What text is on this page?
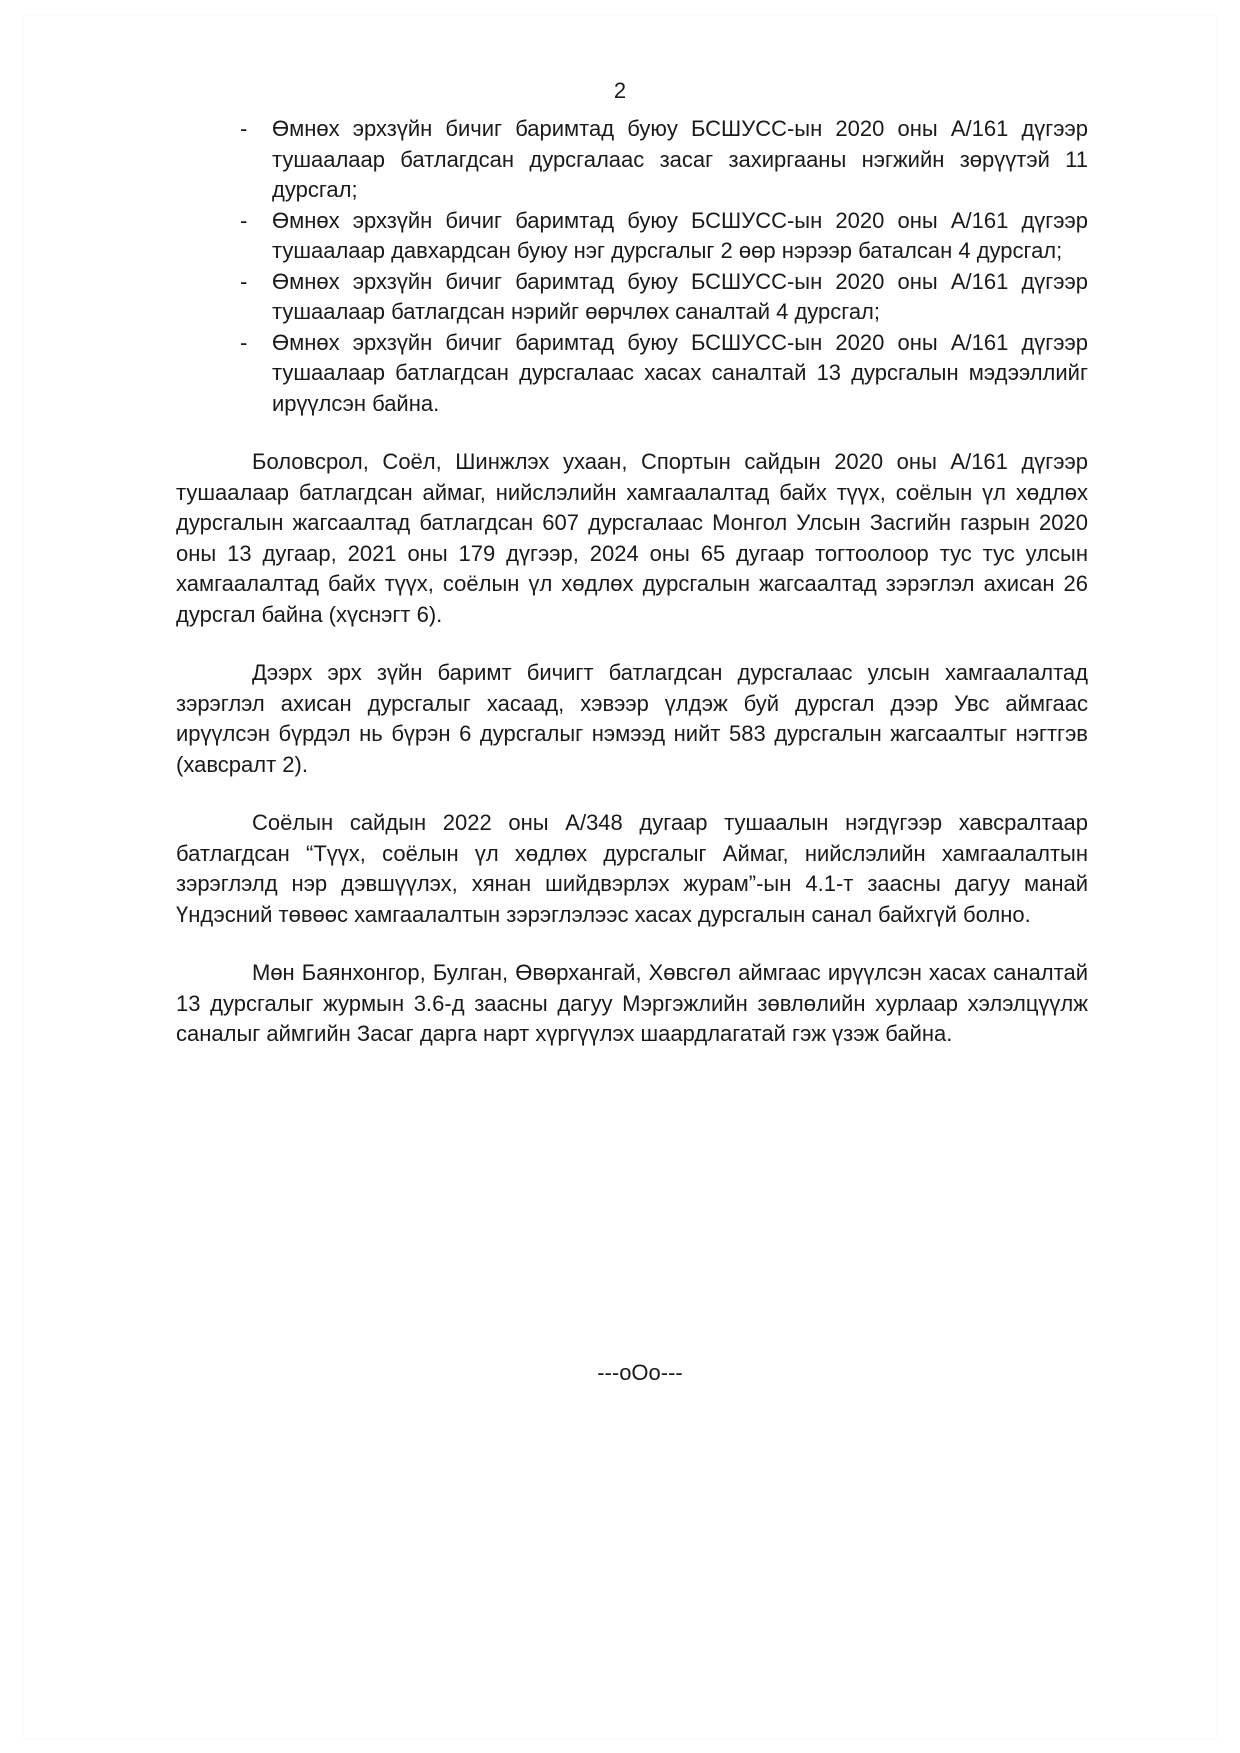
2
- Өмнөх эрхзүйн бичиг баримтад буюу БСШУСС-ын 2020 оны А/161 дүгээр тушаалаар батлагдсан дурсгалаас засаг захиргааны нэгжийн зөрүүтэй 11 дурсгал;
- Өмнөх эрхзүйн бичиг баримтад буюу БСШУСС-ын 2020 оны А/161 дүгээр тушаалаар давхардсан буюу нэг дурсгалыг 2 өөр нэрээр баталсан 4 дурсгал;
- Өмнөх эрхзүйн бичиг баримтад буюу БСШУСС-ын 2020 оны А/161 дүгээр тушаалаар батлагдсан нэрийг өөрчлөх саналтай 4 дурсгал;
- Өмнөх эрхзүйн бичиг баримтад буюу БСШУСС-ын 2020 оны А/161 дүгээр тушаалаар батлагдсан дурсгалаас хасах саналтай 13 дурсгалын мэдээллийг ирүүлсэн байна.

Боловсрол, Соёл, Шинжлэх ухаан, Спортын сайдын 2020 оны А/161 дүгээр тушаалаар батлагдсан аймаг, нийслэлийн хамгаалалтад байх түүх, соёлын үл хөдлөх дурсгалын жагсаалтад батлагдсан 607 дурсгалаас Монгол Улсын Засгийн газрын 2020 оны 13 дугаар, 2021 оны 179 дүгээр, 2024 оны 65 дугаар тогтоолоор тус тус улсын хамгаалалтад байх түүх, соёлын үл хөдлөх дурсгалын жагсаалтад зэрэглэл ахисан 26 дурсгал байна (хүснэгт 6).

Дээрх эрх зүйн баримт бичигт батлагдсан дурсгалаас улсын хамгаалалтад зэрэглэл ахисан дурсгалыг хасаад, хэвээр үлдэж буй дурсгал дээр Увс аймгаас ирүүлсэн бүрдэл нь бүрэн 6 дурсгалыг нэмээд нийт 583 дурсгалын жагсаалтыг нэгтгэв (хавсралт 2).

Соёлын сайдын 2022 оны А/348 дугаар тушаалын нэгдүгээр хавсралтаар батлагдсан “Түүх, соёлын үл хөдлөх дурсгалыг Аймаг, нийслэлийн хамгаалалтын зэрэглэлд нэр дэвшүүлэх, хянан шийдвэрлэх журам”-ын 4.1-т заасны дагуу манай Үндэсний төвөөс хамгаалалтын зэрэглэлээс хасах дурсгалын санал байхгүй болно.

Мөн Баянхонгор, Булган, Өвөрхангай, Хөвсгөл аймгаас ирүүлсэн хасах саналтай 13 дурсгалыг журмын 3.6-д заасны дагуу Мэргэжлийн зөвлөлийн хурлаар хэлэлцүүлж саналыг аймгийн Засаг дарга нарт хүргүүлэх шаардлагатай гэж үзэж байна.

---oOo---
